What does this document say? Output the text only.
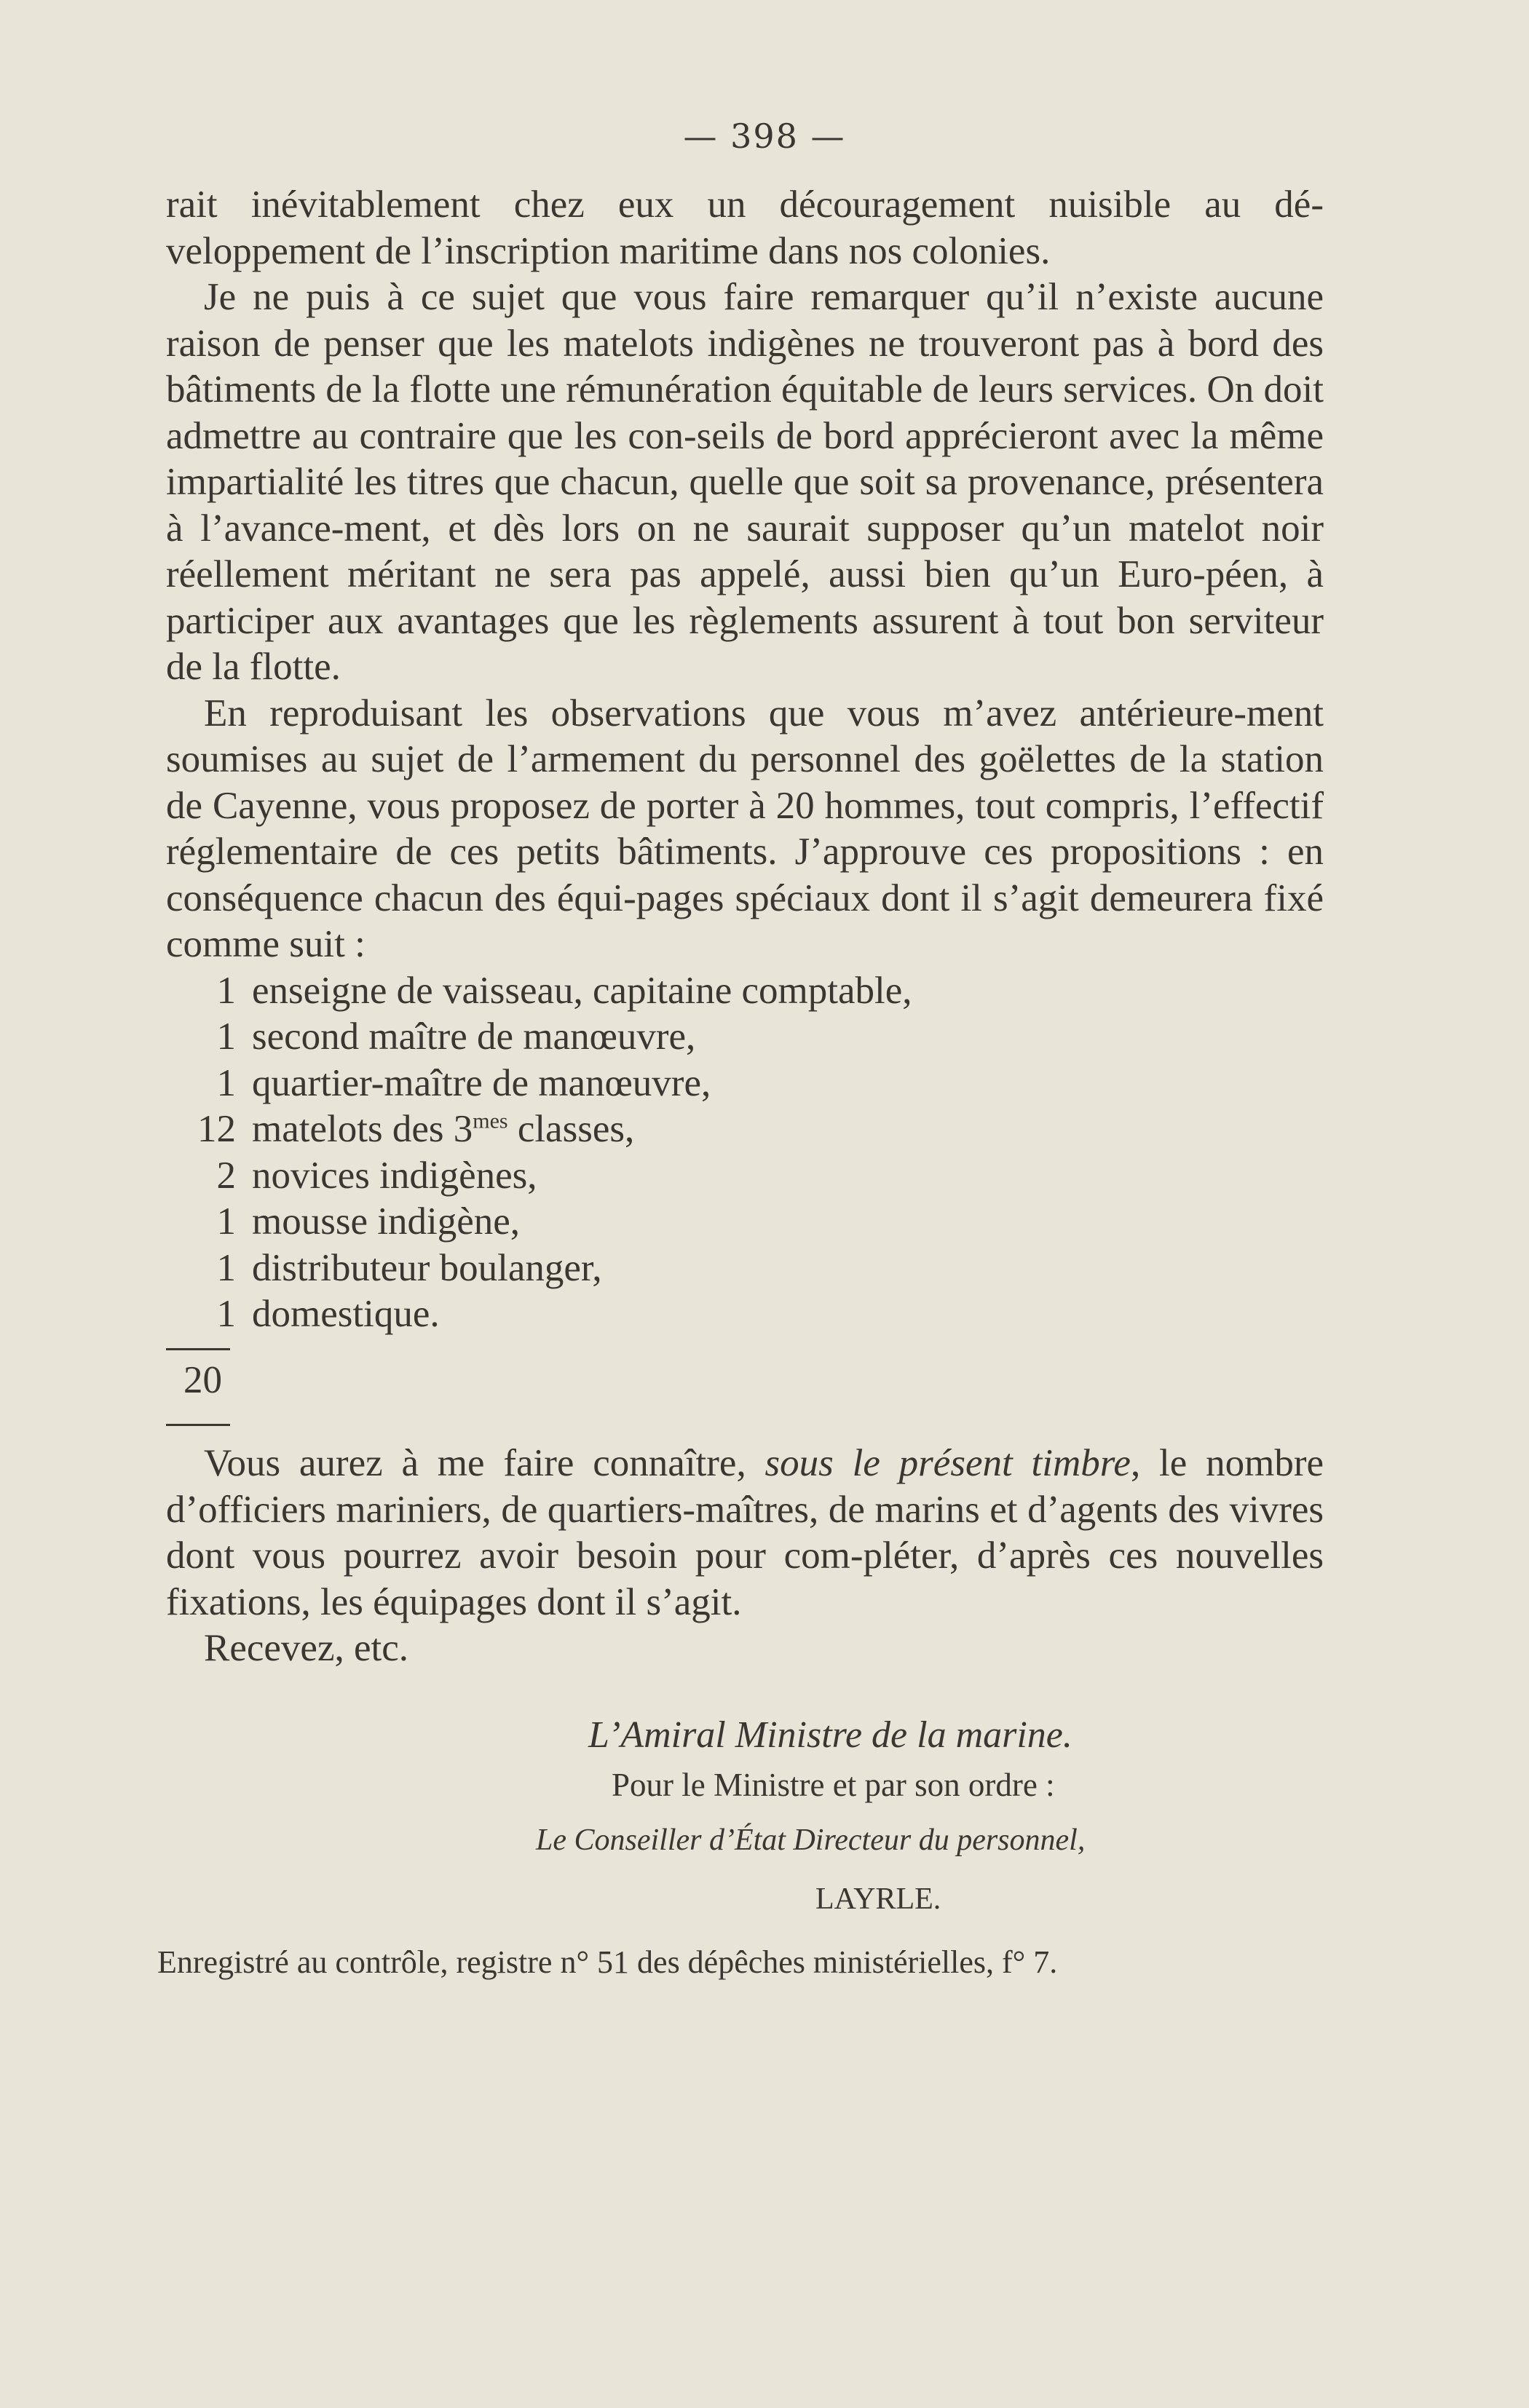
— 398 —

rait inévitablement chez eux un découragement nuisible au dé-veloppement de l’inscription maritime dans nos colonies.

Je ne puis à ce sujet que vous faire remarquer qu’il n’existe aucune raison de penser que les matelots indigènes ne trouveront pas à bord des bâtiments de la flotte une rémunération équitable de leurs services. On doit admettre au contraire que les con-seils de bord apprécieront avec la même impartialité les titres que chacun, quelle que soit sa provenance, présentera à l’avance-ment, et dès lors on ne saurait supposer qu’un matelot noir réellement méritant ne sera pas appelé, aussi bien qu’un Euro-péen, à participer aux avantages que les règlements assurent à tout bon serviteur de la flotte.

En reproduisant les observations que vous m’avez antérieure-ment soumises au sujet de l’armement du personnel des goëlettes de la station de Cayenne, vous proposez de porter à 20 hommes, tout compris, l’effectif réglementaire de ces petits bâtiments. J’approuve ces propositions : en conséquence chacun des équi-pages spéciaux dont il s’agit demeurera fixé comme suit :

1 enseigne de vaisseau, capitaine comptable,
1 second maître de manœuvre,
1 quartier-maître de manœuvre,
12 matelots des $3^{mes}$ classes,
2 novices indigènes,
1 mousse indigène,
1 distributeur boulanger,
1 domestique.
20

Vous aurez à me faire connaître, sous le présent timbre, le nombre d’officiers mariniers, de quartiers-maîtres, de marins et d’agents des vivres dont vous pourrez avoir besoin pour com-pléter, d’après ces nouvelles fixations, les équipages dont il s’agit.

Recevez, etc.

L’Amiral Ministre de la marine.
Pour le Ministre et par son ordre :
Le Conseiller d’État Directeur du personnel,
LAYRLE.
Enregistré au contrôle, registre n° 51 des dépêches ministérielles, f° 7.
